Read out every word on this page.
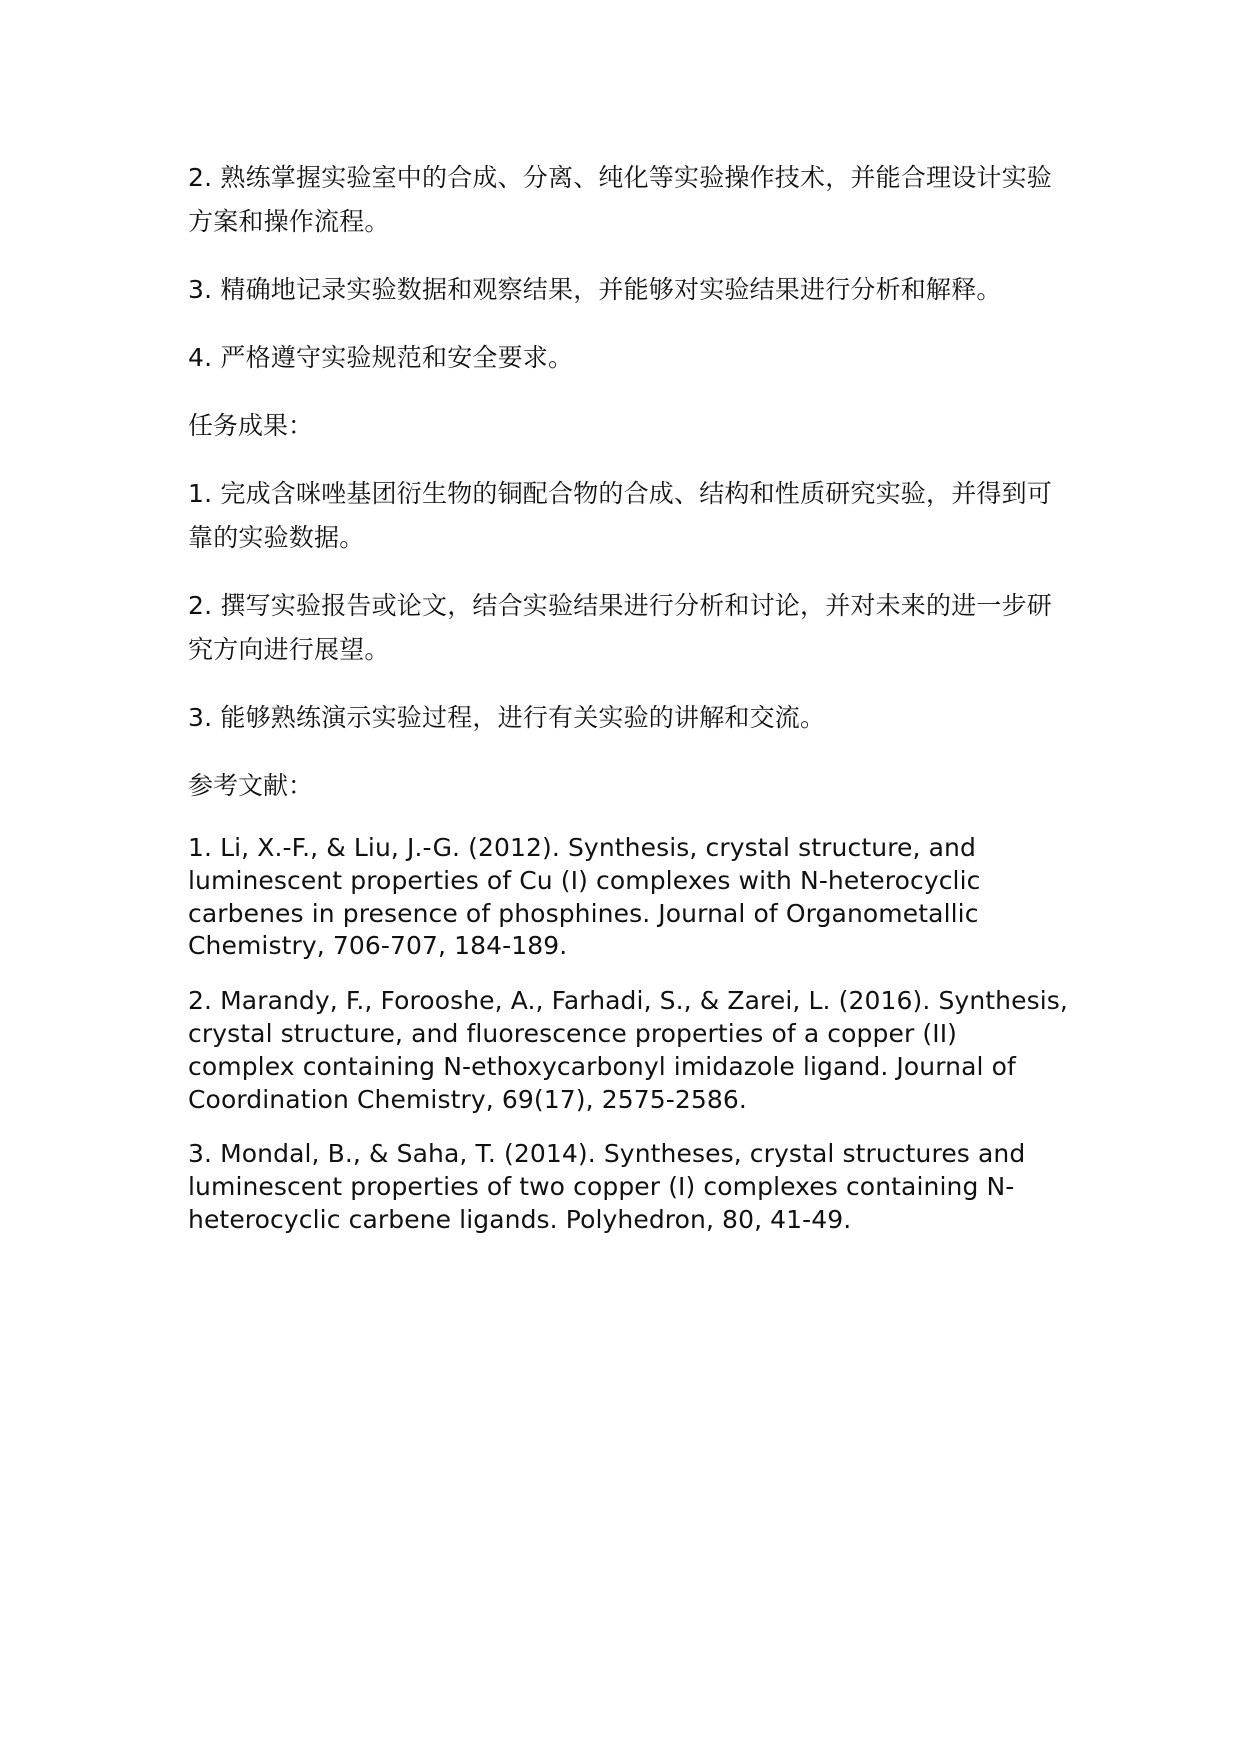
2. 熟练掌握实验室中的合成、分离、纯化等实验操作技术，并能合理设计实验方案和操作流程。

3. 精确地记录实验数据和观察结果，并能够对实验结果进行分析和解释。

4. 严格遵守实验规范和安全要求。

任务成果：

1. 完成含咪唑基团衍生物的铜配合物的合成、结构和性质研究实验，并得到可靠的实验数据。

2. 撰写实验报告或论文，结合实验结果进行分析和讨论，并对未来的进一步研究方向进行展望。

3. 能够熟练演示实验过程，进行有关实验的讲解和交流。

参考文献：

1. Li, X.-F., & Liu, J.-G. (2012). Synthesis, crystal structure, and luminescent properties of Cu (I) complexes with N-heterocyclic carbenes in presence of phosphines. Journal of Organometallic Chemistry, 706-707, 184-189.

2. Marandy, F., Forooshe, A., Farhadi, S., & Zarei, L. (2016). Synthesis, crystal structure, and fluorescence properties of a copper (II) complex containing N-ethoxycarbonyl imidazole ligand. Journal of Coordination Chemistry, 69(17), 2575-2586.

3. Mondal, B., & Saha, T. (2014). Syntheses, crystal structures and luminescent properties of two copper (I) complexes containing N-heterocyclic carbene ligands. Polyhedron, 80, 41-49.
